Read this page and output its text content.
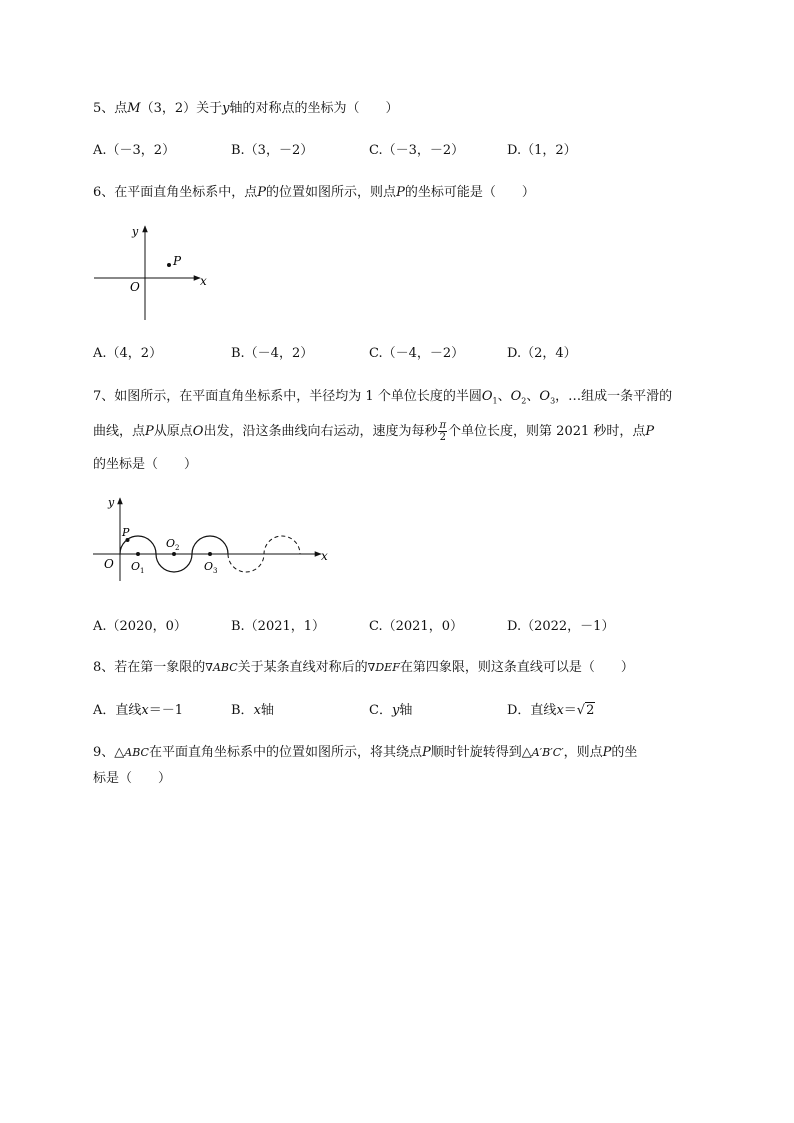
5、点M（3，2）关于y轴的对称点的坐标为（　　）
A.（－3，2）	B.（3，－2）	C.（－3，－2）	D.（1，2）
6、在平面直角坐标系中，点P的位置如图所示，则点P的坐标可能是（　　）
y
x
O
P
A.（4，2）	B.（－4，2）	C.（－4，－2）	D.（2，4）
7、如图所示，在平面直角坐标系中，半径均为 1 个单位长度的半圆$O_1$、$O_2$、$O_3$，…组成一条平滑的
曲线，点P从原点O出发，沿这条曲线向右运动，速度为每秒 $\frac{\pi}{2}$ 个单位长度，则第 2021 秒时，点P
的坐标是（　　）
y
x
O
P
$O_1$
$O_2$
$O_3$
A.（2020，0）	B.（2021，1）	C.（2021，0）	D.（2022，－1）
8、若在第一象限的∇ABC关于某条直线对称后的∇DEF在第四象限，则这条直线可以是（　　）
A．直线x＝－1	B．x轴	C．y轴	D．直线x＝√2
9、△ABC在平面直角坐标系中的位置如图所示，将其绕点P顺时针旋转得到△A′B′C′，则点P的坐
标是（　　）
